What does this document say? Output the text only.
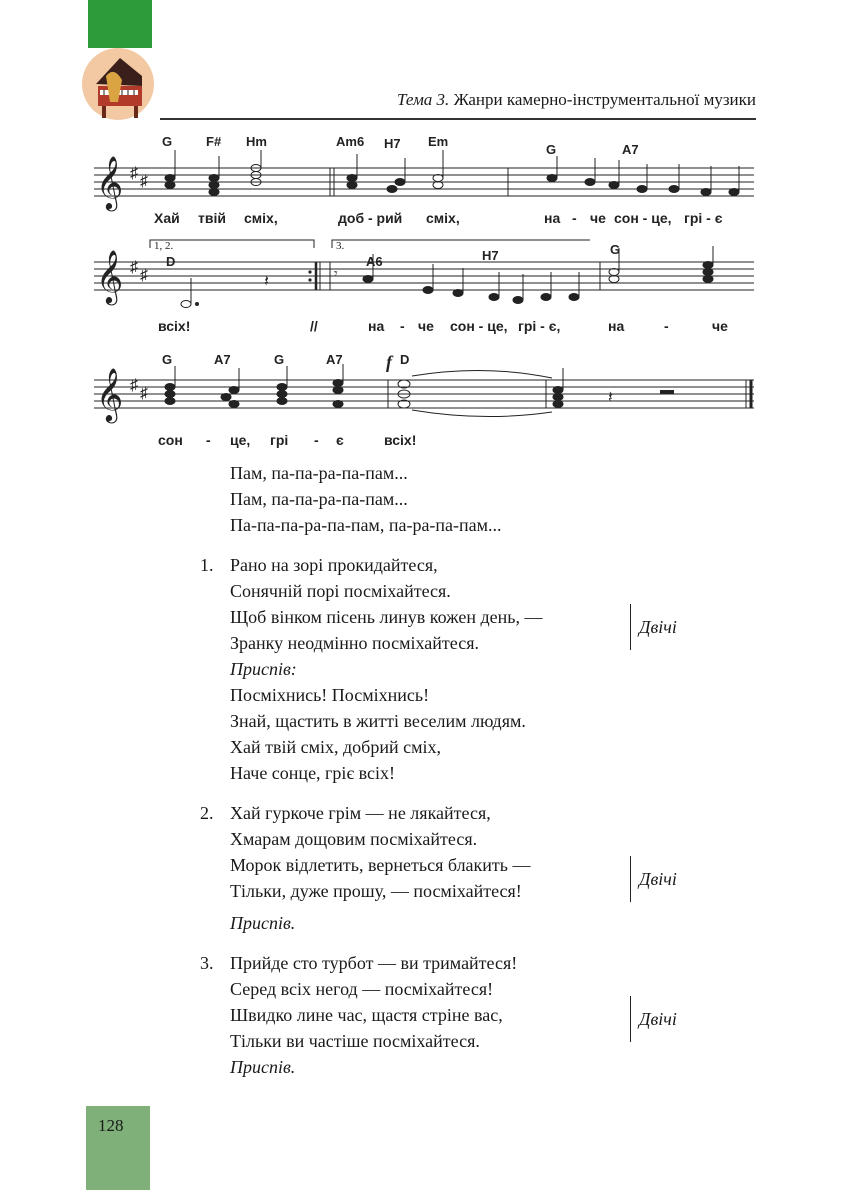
Тема 3. Жанри камерно-інструментальної музики
𝄞 ♯ ♯
G	F# Hm	Am6 H7 Em
G	A7
Хай твій сміх,	доб - рий сміх,	на - че сон - це, грі - є
1, 2.	3.
𝄞 ♯ ♯
D	A6	H7	G
𝄽	𝄾
всіх!	//	на - че сон - це, грі - є,	на	-	че
𝄞 ♯ ♯
f
G	A7	G	A7	D
𝄽
сон - це, грі - є	всіх!

Пам, па-па-ра-па-пам...

Пам, па-па-ра-па-пам...

Па-па-па-ра-па-пам, па-ра-па-пам...

1. Рано на зорі прокидайтеся,

Сонячній порі посміхайтеся.

Щоб вінком пісень линув кожен день, —

Зранку неодмінно посміхайтеся.

Приспів:

Посміхнись! Посміхнись!

Знай, щастить в житті веселим людям.

Хай твій сміх, добрий сміх,

Наче сонце, гріє всіх!

Двічі
2. Хай гуркоче грім — не лякайтеся,

Хмарам дощовим посміхайтеся.

Морок відлетить, вернеться блакить —

Тільки, дуже прошу, — посміхайтеся!

Приспів.

Двічі
3. Прийде сто турбот — ви тримайтеся!

Серед всіх негод — посміхайтеся!

Швидко лине час, щастя стріне вас,

Тільки ви частіше посміхайтеся.

Приспів.

Двічі
128
